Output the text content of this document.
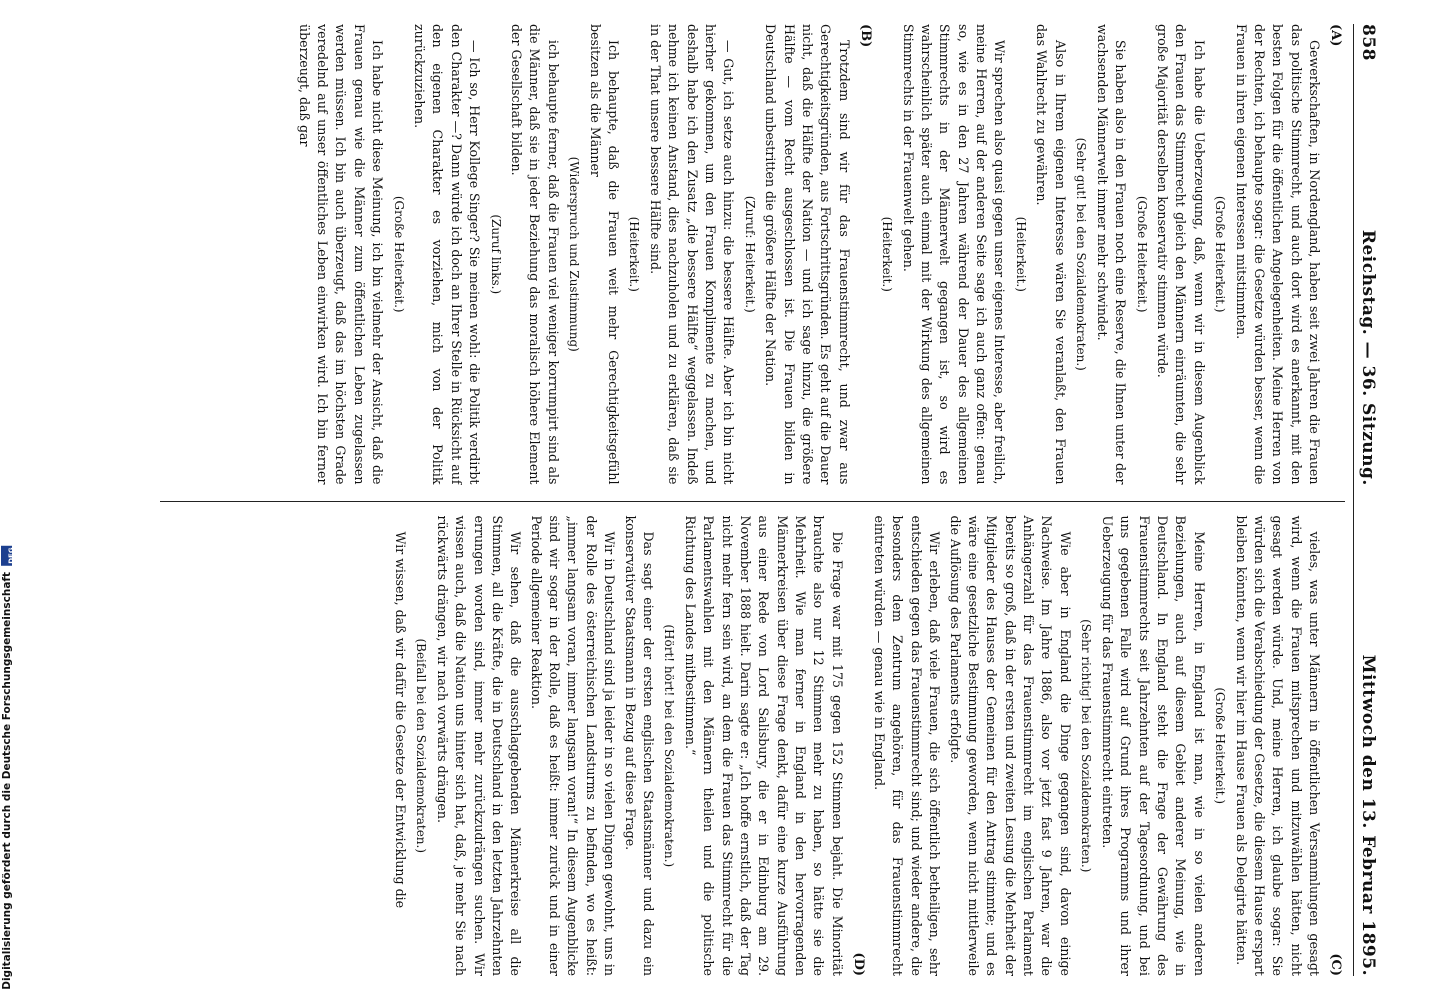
Digitalisierung gefördert durch die Deutsche Forschungsgemeinschaft
DFG
858
Reichstag. — 36. Sitzung.
Mittwoch den 13. Februar 1895.

(A)

Gewerkschaften, in Nordengland, haben seit zwei Jahren die Frauen das politische Stimmrecht, und auch dort wird es anerkannt, mit den besten Folgen für die öffentlichen Angelegenheiten. Meine Herren von der Rechten, ich behaupte sogar: die Gesetze würden besser, wenn die Frauen in ihren eigenen Interessen mitstimmten.

(Große Heiterkeit.)

Ich habe die Ueberzeugung, daß, wenn wir in diesem Augenblick den Frauen das Stimmrecht gleich den Männern einräumten, die sehr große Majorität derselben konservativ stimmen würde.

(Große Heiterkeit.)

Sie haben also in den Frauen noch eine Reserve, die Ihnen unter der wachsenden Männerwelt immer mehr schwindet.

(Sehr gut! bei den Sozialdemokraten.)

Also in Ihrem eigenen Interesse wären Sie veranlaßt, den Frauen das Wahlrecht zu gewähren.

(Heiterkeit.)

Wir sprechen also quasi gegen unser eigenes Interesse, aber freilich, meine Herren, auf der anderen Seite sage ich auch ganz offen: genau so, wie es in den 27 Jahren während der Dauer des allgemeinen Stimmrechts in der Männerwelt gegangen ist, so wird es wahrscheinlich später auch einmal mit der Wirkung des allgemeinen Stimmrechts in der Frauenwelt gehen.

(Heiterkeit.)

(B)

Trotzdem sind wir für das Frauenstimmrecht, und zwar aus Gerechtigkeitsgründen, aus Fortschrittsgründen. Es geht auf die Dauer nicht, daß die Hälfte der Nation — und ich sage hinzu, die größere Hälfte — vom Recht ausgeschlossen ist. Die Frauen bilden in Deutschland unbestritten die größere Hälfte der Nation.

(Zuruf: Heiterkeit.)

— Gut, ich setze auch hinzu: die bessere Hälfte. Aber ich bin nicht hierher gekommen, um den Frauen Komplimente zu machen, und deshalb habe ich den Zusatz „die bessere Hälfte“ weggelassen. Indeß nehme ich keinen Anstand, dies nachzuholen und zu erklären, daß sie in der That unsere bessere Hälfte sind.

(Heiterkeit.)

Ich behaupte, daß die Frauen weit mehr Gerechtigkeitsgefühl besitzen als die Männer

(Widerspruch und Zustimmung)

ich behaupte ferner, daß die Frauen viel weniger korrumpirt sind als die Männer, daß sie in jeder Beziehung das moralisch höhere Element der Gesellschaft bilden.

(Zuruf links.)

— Ich so, Herr Kollege Singer? Sie meinen wohl: die Politik verdirbt den Charakter —? Dann würde ich doch an Ihrer Stelle in Rücksicht auf den eigenen Charakter es vorziehen, mich von der Politik zurückzuziehen.

(Große Heiterkeit.)

Ich habe nicht diese Meinung, ich bin vielmehr der Ansicht, daß die Frauen genau wie die Männer zum öffentlichen Leben zugelassen werden müssen. Ich bin auch überzeugt, daß das im höchsten Grade veredelnd auf unser öffentliches Leben einwirken wird. Ich bin ferner überzeugt, daß gar

(C)

vieles, was unter Männern in öffentlichen Versammlungen gesagt wird, wenn die Frauen mitsprechen und mitzuwählen hätten, nicht gesagt werden würde. Und, meine Herren, ich glaube sogar: Sie würden sich die Verabschiedung der Gesetze, die diesem Hause erspart bleiben könnten, wenn wir hier im Hause Frauen als Delegirte hätten.

(Große Heiterkeit.)

Meine Herren, in England ist man, wie in so vielen anderen Beziehungen, auch auf diesem Gebiet anderer Meinung, wie in Deutschland. In England steht die Frage der Gewährung des Frauenstimmrechts seit Jahrzehnten auf der Tagesordnung, und bei uns gegebenen Falle wird auf Grund ihres Programms und ihrer Ueberzeugung für das Frauenstimmrecht eintreten.

(Sehr richtig! bei den Sozialdemokraten.)

Wie aber in England die Dinge gegangen sind, davon einige Nachweise. Im Jahre 1886, also vor jetzt fast 9 Jahren, war die Anhängerzahl für das Frauenstimmrecht im englischen Parlament bereits so groß, daß in der ersten und zweiten Lesung die Mehrheit der Mitglieder des Hauses der Gemeinen für den Antrag stimmte; und es wäre eine gesetzliche Bestimmung geworden, wenn nicht mittlerweile die Auflösung des Parlaments erfolgte.

Wir erleben, daß viele Frauen, die sich öffentlich betheiligen, sehr entschieden gegen das Frauenstimmrecht sind; und wieder andere, die besonders dem Zentrum angehören, für das Frauenstimmrecht eintreten würden — genau wie in England.

(D)

Die Frage war mit 175 gegen 152 Stimmen bejaht. Die Minorität brauchte also nur 12 Stimmen mehr zu haben, so hätte sie die Mehrheit. Wie man ferner in England in den hervorragenden Männerkreisen über diese Frage denkt, dafür eine kurze Ausführung aus einer Rede von Lord Salisbury, die er in Edinburg am 29. November 1888 hielt. Darin sagte er: „Ich hoffe ernstlich, daß der Tag nicht mehr fern sein wird, an dem die Frauen das Stimmrecht für die Parlamentswahlen mit den Männern theilen und die politische Richtung des Landes mitbestimmen.“

(Hört! hört! bei den Sozialdemokraten.)

Das sagt einer der ersten englischen Staatsmänner und dazu ein konservativer Staatsmann in Bezug auf diese Frage.

Wir in Deutschland sind ja leider in so vielen Dingen gewohnt, uns in der Rolle des österreichischen Landsturms zu befinden, wo es heißt: „immer langsam voran, immer langsam voran!“ In diesem Augenblicke sind wir sogar in der Rolle, daß es heißt: immer zurück und in einer Periode allgemeiner Reaktion.

Wir sehen, daß die ausschlaggebenden Männerkreise all die Stimmen, all die Kräfte, die in Deutschland in den letzten Jahrzehnten errungen worden sind, immer mehr zurückzudrängen suchen. Wir wissen auch, daß die Nation uns hinter sich hat, daß, je mehr Sie nach rückwärts drängen, wir nach vorwärts drängen.

(Beifall bei den Sozialdemokraten.)

Wir wissen, daß wir dafür die Gesetze der Entwicklung die
